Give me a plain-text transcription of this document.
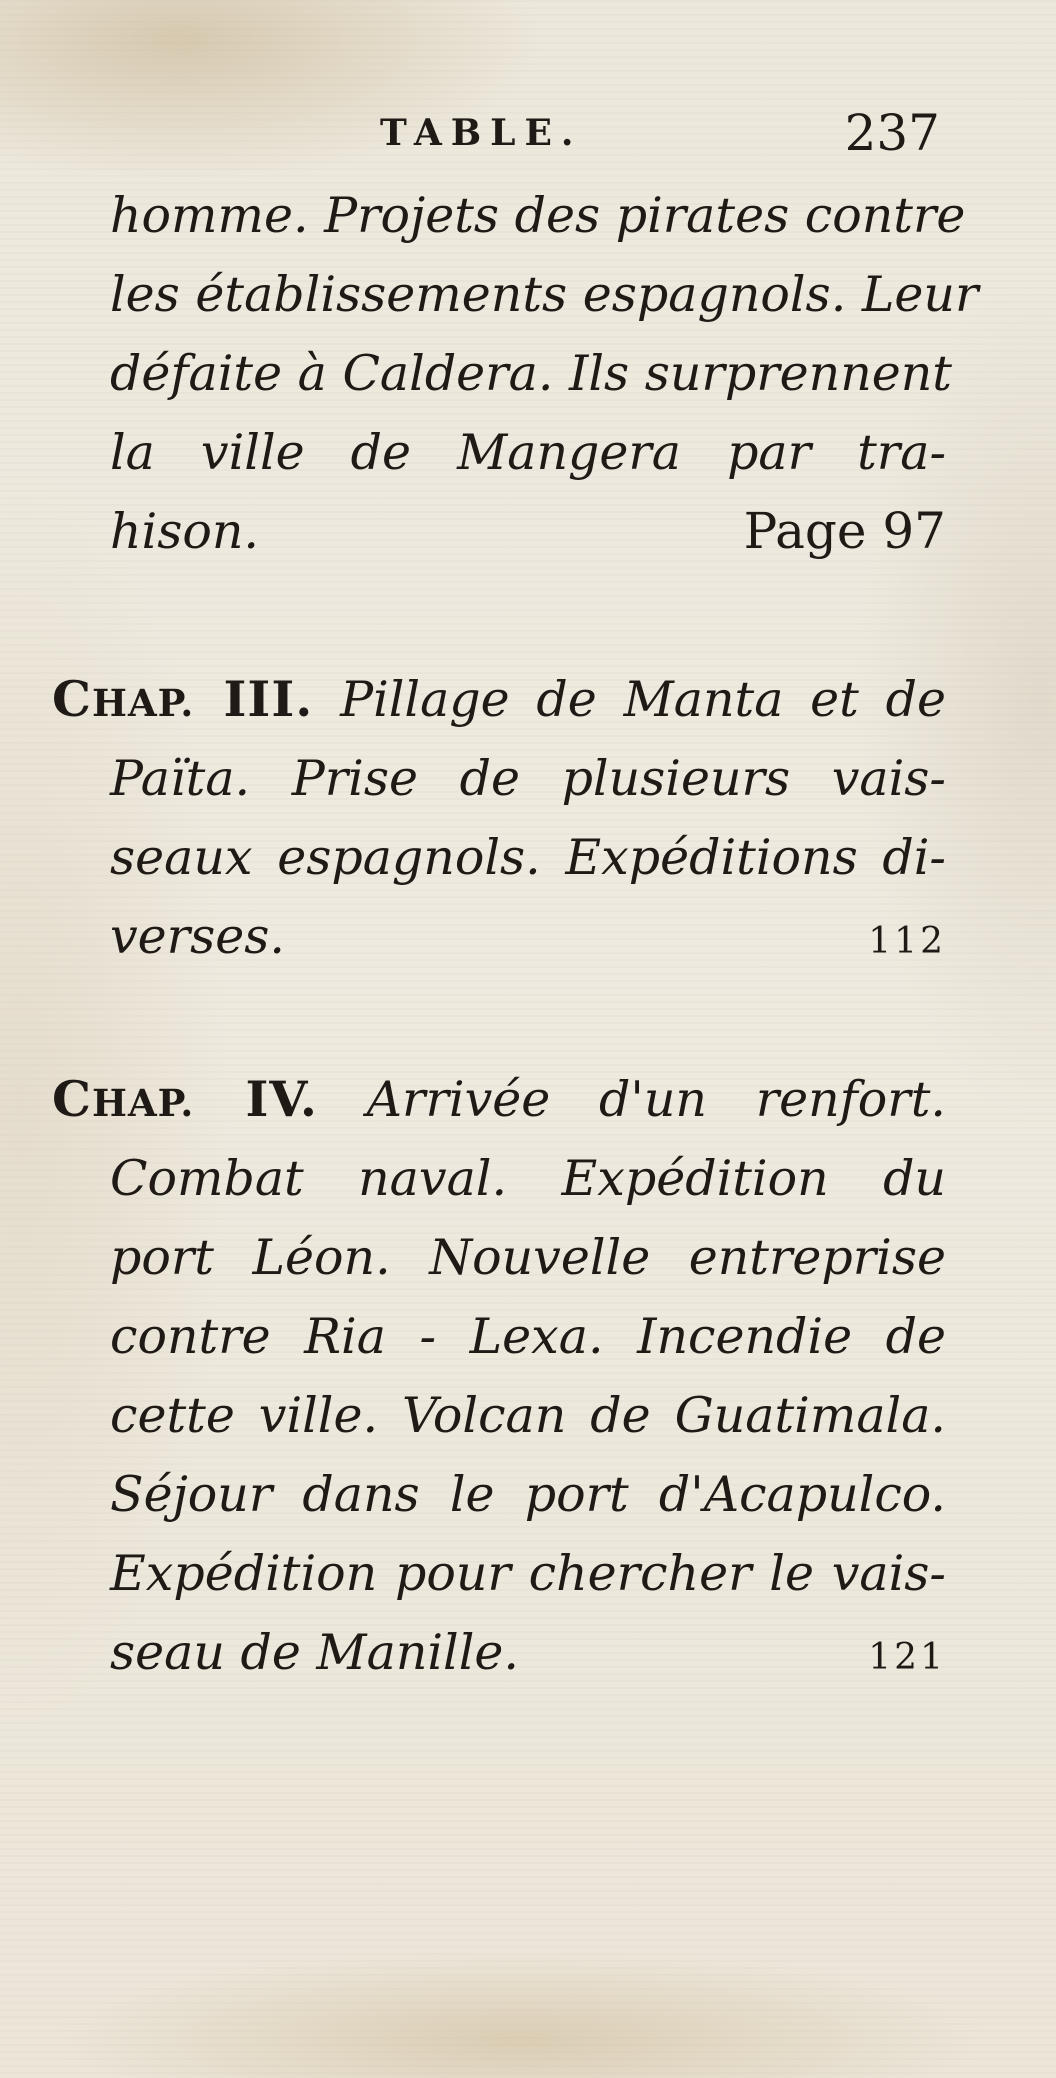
TABLE.	237
homme. Projets des pirates contre
les établissements espagnols. Leur
défaite à Caldera. Ils surprennent
la ville de Mangera par tra-
hison.	Page 97
CHAP. III. Pillage de Manta et de
Païta. Prise de plusieurs vais-
seaux espagnols. Expéditions di-
verses.	112
CHAP. IV. Arrivée d'un renfort.
Combat naval. Expédition du
port Léon. Nouvelle entreprise
contre Ria - Lexa. Incendie de
cette ville. Volcan de Guatimala.
Séjour dans le port d'Acapulco.
Expédition pour chercher le vais-
seau de Manille.	121
